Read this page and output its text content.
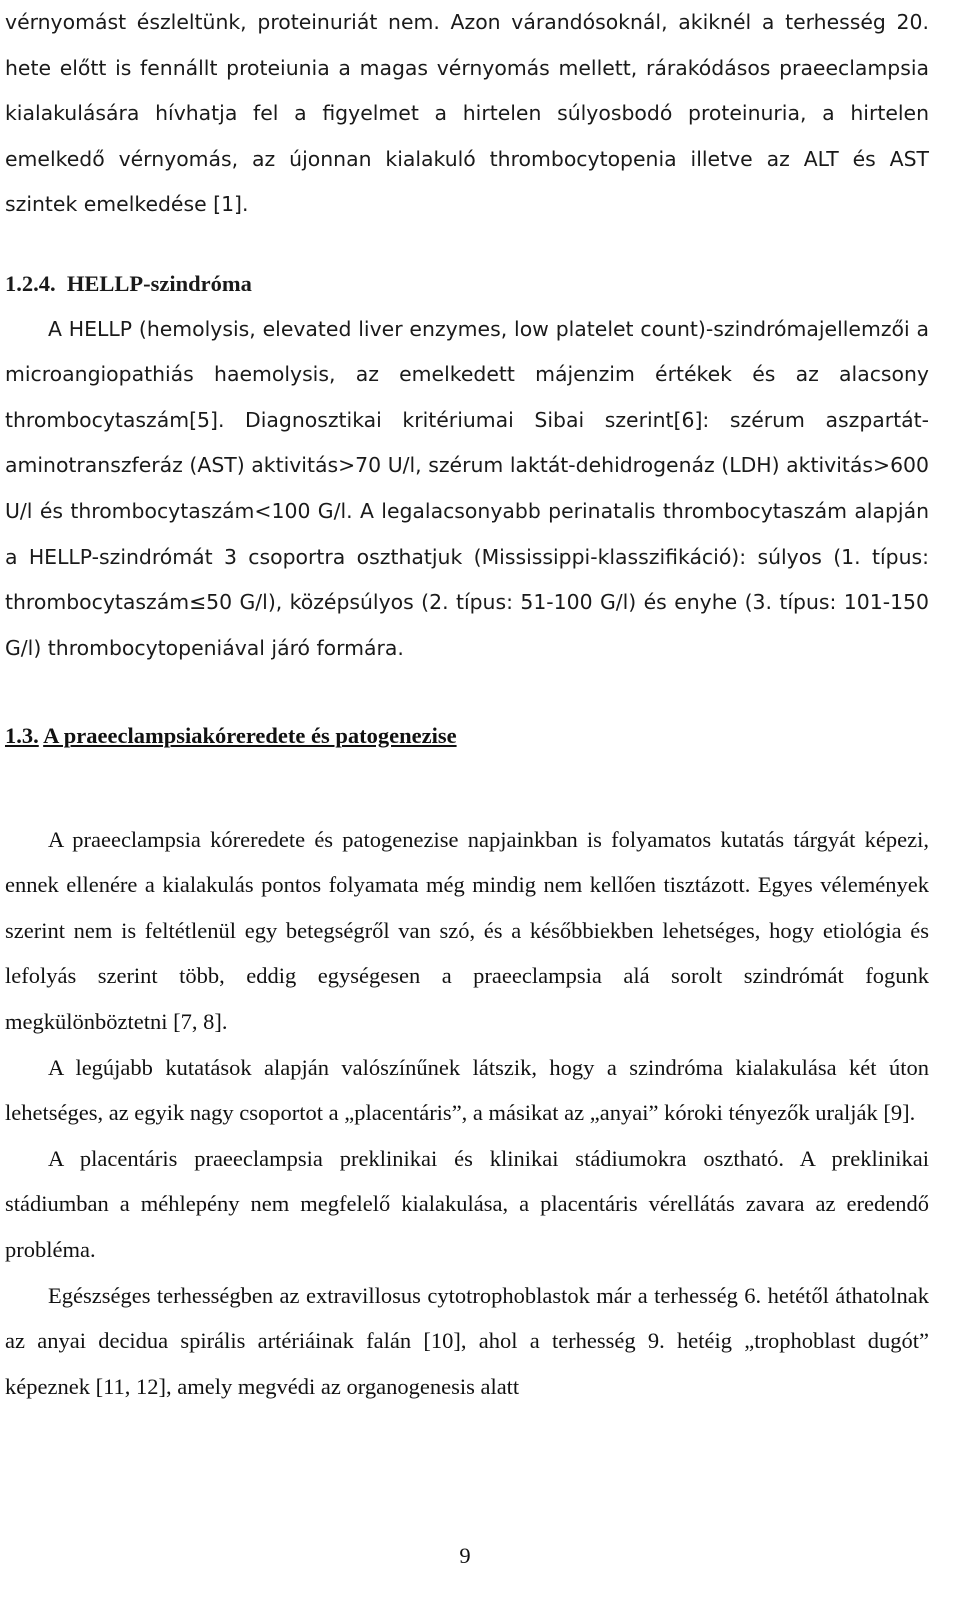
vérnyomást észleltünk, proteinuriát nem. Azon várandósoknál, akiknél a terhesség 20. hete előtt is fennállt proteiunia a magas vérnyomás mellett, rárakódásos praeeclampsia kialakulására hívhatja fel a figyelmet a hirtelen súlyosbodó proteinuria, a hirtelen emelkedő vérnyomás, az újonnan kialakuló thrombocytopenia illetve az ALT és AST szintek emelkedése [1].

1.2.4. HELLP-szindróma

A HELLP (hemolysis, elevated liver enzymes, low platelet count)-szindrómajellemzői a microangiopathiás haemolysis, az emelkedett májenzim értékek és az alacsony thrombocytaszám[5]. Diagnosztikai kritériumai Sibai szerint[6]: szérum aszpartát-aminotranszferáz (AST) aktivitás>70 U/l, szérum laktát-dehidrogenáz (LDH) aktivitás>600 U/l és thrombocytaszám<100 G/l. A legalacsonyabb perinatalis thrombocytaszám alapján a HELLP-szindrómát 3 csoportra oszthatjuk (Mississippi-klasszifikáció): súlyos (1. típus: thrombocytaszám≤50 G/l), középsúlyos (2. típus: 51-100 G/l) és enyhe (3. típus: 101-150 G/l) thrombocytopeniával járó formára.

1.3. A praeeclampsiakóreredete és patogenezise

A praeeclampsia kóreredete és patogenezise napjainkban is folyamatos kutatás tárgyát képezi, ennek ellenére a kialakulás pontos folyamata még mindig nem kellően tisztázott. Egyes vélemények szerint nem is feltétlenül egy betegségről van szó, és a későbbiekben lehetséges, hogy etiológia és lefolyás szerint több, eddig egységesen a praeeclampsia alá sorolt szindrómát fogunk megkülönböztetni [7, 8].

A legújabb kutatások alapján valószínűnek látszik, hogy a szindróma kialakulása két úton lehetséges, az egyik nagy csoportot a „placentáris”, a másikat az „anyai” kóroki tényezők uralják [9].

A placentáris praeeclampsia preklinikai és klinikai stádiumokra osztható. A preklinikai stádiumban a méhlepény nem megfelelő kialakulása, a placentáris vérellátás zavara az eredendő probléma.

Egészséges terhességben az extravillosus cytotrophoblastok már a terhesség 6. hetétől áthatolnak az anyai decidua spirális artériáinak falán [10], ahol a terhesség 9. hetéig „trophoblast dugót” képeznek [11, 12], amely megvédi az organogenesis alatt

9
